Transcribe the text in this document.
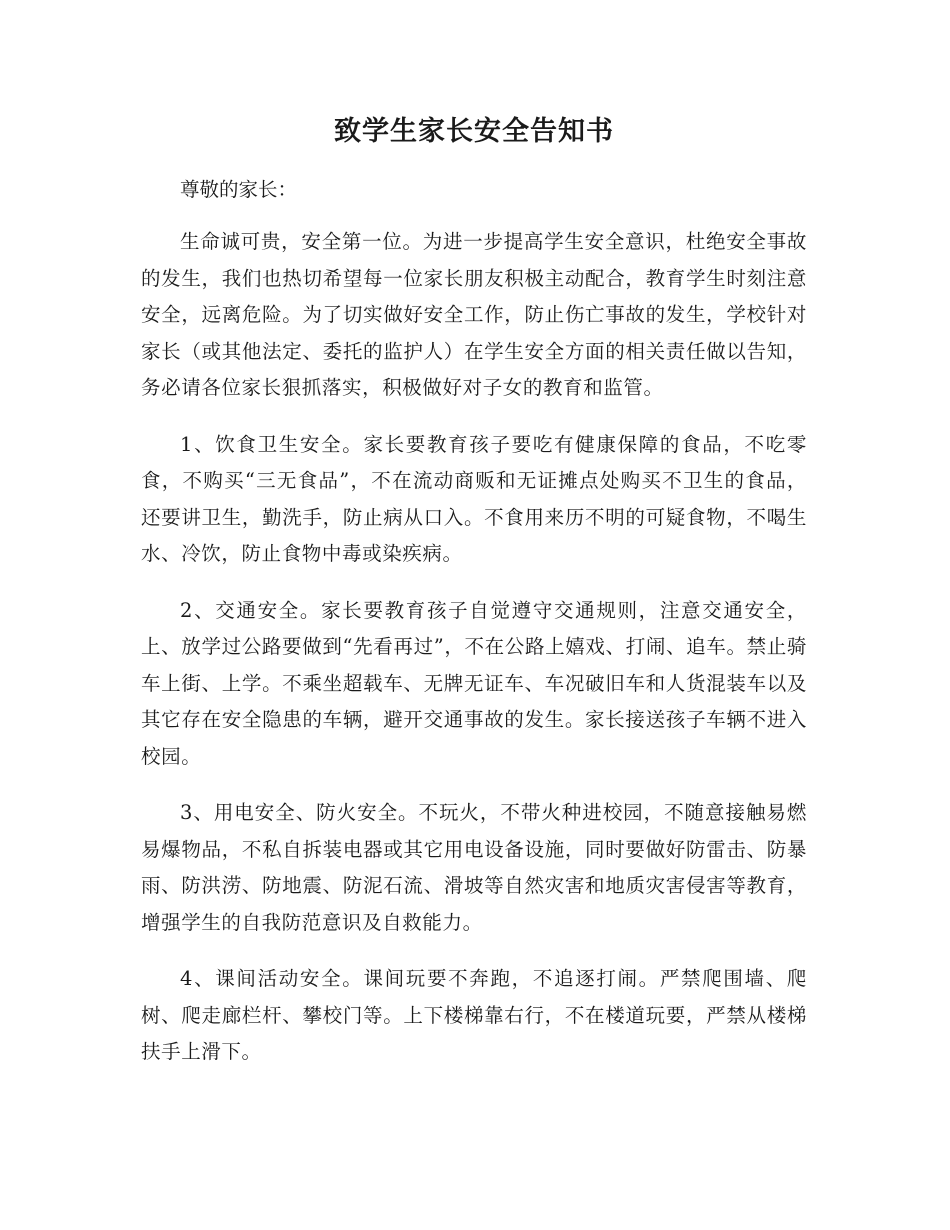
致学生家长安全告知书

尊敬的家长：

生命诚可贵，安全第一位。为进一步提高学生安全意识，杜绝安全事故的发生，我们也热切希望每一位家长朋友积极主动配合，教育学生时刻注意安全，远离危险。为了切实做好安全工作，防止伤亡事故的发生，学校针对家长（或其他法定、委托的监护人）在学生安全方面的相关责任做以告知，务必请各位家长狠抓落实，积极做好对子女的教育和监管。

1、饮食卫生安全。家长要教育孩子要吃有健康保障的食品，不吃零食，不购买“三无食品”，不在流动商贩和无证摊点处购买不卫生的食品， 还要讲卫生，勤洗手，防止病从口入。不食用来历不明的可疑食物，不喝生水、冷饮，防止食物中毒或染疾病。

2、交通安全。家长要教育孩子自觉遵守交通规则，注意交通安全，上、放学过公路要做到“先看再过”，不在公路上嬉戏、打闹、追车。禁止骑车上街、上学。不乘坐超载车、无牌无证车、车况破旧车和人货混装车以及其它存在安全隐患的车辆，避开交通事故的发生。家长接送孩子车辆不进入校园。

3、用电安全、防火安全。不玩火，不带火种进校园，不随意接触易燃易爆物品，不私自拆装电器或其它用电设备设施，同时要做好防雷击、防暴雨、防洪涝、防地震、防泥石流、滑坡等自然灾害和地质灾害侵害等教育，增强学生的自我防范意识及自救能力。

4、课间活动安全。课间玩要不奔跑，不追逐打闹。严禁爬围墙、爬树、爬走廊栏杆、攀校门等。上下楼梯靠右行，不在楼道玩要，严禁从楼梯扶手上滑下。
